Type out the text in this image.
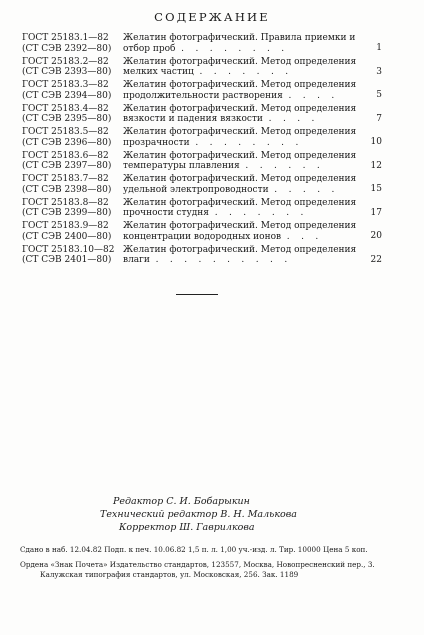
СОДЕРЖАНИЕ
ГОСТ 25183.1—82
(СТ СЭВ 2392—80)
Желатин фотографический. Правила приемки и
отбор проб  .    .    .    .    .    .    .    .	1
ГОСТ 25183.2—82
(СТ СЭВ 2393—80)
Желатин фотографический. Метод определения
мелких частиц  .    .    .    .    .    .    .	3
ГОСТ 25183.3—82
(СТ СЭВ 2394—80)
Желатин фотографический. Метод определения
продолжительности растворения  .    .    .    .	5
ГОСТ 25183.4—82
(СТ СЭВ 2395—80)
Желатин фотографический. Метод определения
вязкости и падения вязкости  .    .    .    .	7
ГОСТ 25183.5—82
(СТ СЭВ 2396—80)
Желатин фотографический. Метод определения
прозрачности  .    .    .    .    .    .    .    .	10
ГОСТ 25183.6—82
(СТ СЭВ 2397—80)
Желатин фотографический. Метод определения
температуры плавления  .    .    .    .    .    .	12
ГОСТ 25183.7—82
(СТ СЭВ 2398—80)
Желатин фотографический. Метод определения
удельной электропроводности  .    .    .    .    .	15
ГОСТ 25183.8—82
(СТ СЭВ 2399—80)
Желатин фотографический. Метод определения
прочности студня  .    .    .    .    .    .    .	17
ГОСТ 25183.9—82
(СТ СЭВ 2400—80)
Желатин фотографический. Метод определения
концентрации водородных ионов  .    .    .	20
ГОСТ 25183.10—82
(СТ СЭВ 2401—80)
Желатин фотографический. Метод определения
влаги  .    .    .    .    .    .    .    .    .    .	22
Редактор С. И. Бобарыкин
Технический редактор В. Н. Малькова
Корректор Ш. Гаврилкова
Сдано в наб. 12.04.82 Подп. к печ. 10.06.82 1,5 п. л. 1,00 уч.-изд. л. Тир. 10000 Цена 5 коп.
Ордена «Знак Почета» Издательство стандартов, 123557, Москва, Новопресненский пер., 3.
Калужская типография стандартов, ул. Московская, 256. Зак. 1189
